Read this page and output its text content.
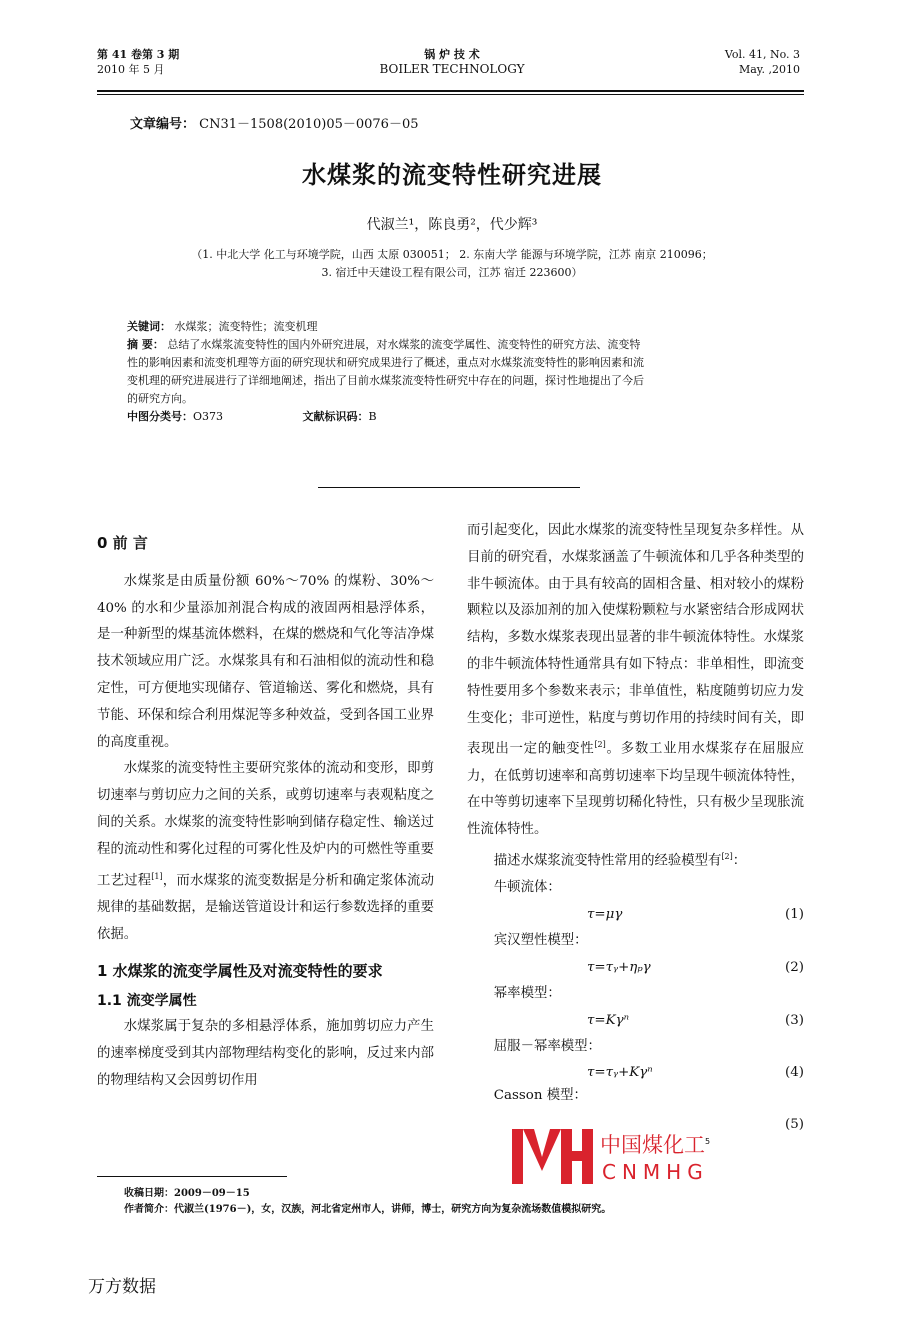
第 41 卷第 3 期
2010 年 5 月
锅 炉 技 术
BOILER TECHNOLOGY
Vol. 41, No. 3
May. ,2010
文章编号： CN31－1508(2010)05－0076－05
水煤浆的流变特性研究进展
代淑兰¹，陈良勇²，代少辉³
（1. 中北大学 化工与环境学院，山西 太原 030051； 2. 东南大学 能源与环境学院，江苏 南京 210096；
3. 宿迁中天建设工程有限公司，江苏 宿迁 223600）
关键词： 水煤浆；流变特性；流变机理
摘 要： 总结了水煤浆流变特性的国内外研究进展，对水煤浆的流变学属性、流变特性的研究方法、流变特
性的影响因素和流变机理等方面的研究现状和研究成果进行了概述，重点对水煤浆流变特性的影响因素和流
变机理的研究进展进行了详细地阐述，指出了目前水煤浆流变特性研究中存在的问题，探讨性地提出了今后
的研究方向。
中图分类号：O373	文献标识码：B
0 前 言

水煤浆是由质量份额 60%～70% 的煤粉、30%～40% 的水和少量添加剂混合构成的液固两相悬浮体系，是一种新型的煤基流体燃料，在煤的燃烧和气化等洁净煤技术领域应用广泛。水煤浆具有和石油相似的流动性和稳定性，可方便地实现储存、管道输送、雾化和燃烧，具有节能、环保和综合利用煤泥等多种效益，受到各国工业界的高度重视。

水煤浆的流变特性主要研究浆体的流动和变形，即剪切速率与剪切应力之间的关系，或剪切速率与表观粘度之间的关系。水煤浆的流变特性影响到储存稳定性、输送过程的流动性和雾化过程的可雾化性及炉内的可燃性等重要工艺过程[1]，而水煤浆的流变数据是分析和确定浆体流动规律的基础数据，是输送管道设计和运行参数选择的重要依据。

1 水煤浆的流变学属性及对流变特性的要求
1.1 流变学属性

水煤浆属于复杂的多相悬浮体系，施加剪切应力产生的速率梯度受到其内部物理结构变化的影响，反过来内部的物理结构又会因剪切作用

而引起变化，因此水煤浆的流变特性呈现复杂多样性。从目前的研究看，水煤浆涵盖了牛顿流体和几乎各种类型的非牛顿流体。由于具有较高的固相含量、相对较小的煤粉颗粒以及添加剂的加入使煤粉颗粒与水紧密结合形成网状结构，多数水煤浆表现出显著的非牛顿流体特性。水煤浆的非牛顿流体特性通常具有如下特点：非单相性，即流变特性要用多个参数来表示；非单值性，粘度随剪切应力发生变化；非可逆性，粘度与剪切作用的持续时间有关，即表现出一定的触变性[2]。多数工业用水煤浆存在屈服应力，在低剪切速率和高剪切速率下均呈现牛顿流体特性，在中等剪切速率下呈现剪切稀化特性，只有极少呈现胀流性流体特性。

描述水煤浆流变特性常用的经验模型有[2]：

牛顿流体：

τ=μγ	(1)

宾汉塑性模型：

τ=τᵧ+ηₚγ	(2)

幂率模型：

τ=Kγⁿ	(3)

屈服－幂率模型：

τ=τᵧ+Kγⁿ	(4)

Casson 模型：

(5)
中国煤化工$^5$
CNMHG
收稿日期：2009－09－15
作者简介：代淑兰(1976－)，女，汉族，河北省定州市人，讲师，博士，研究方向为复杂流场数值模拟研究。
万方数据
